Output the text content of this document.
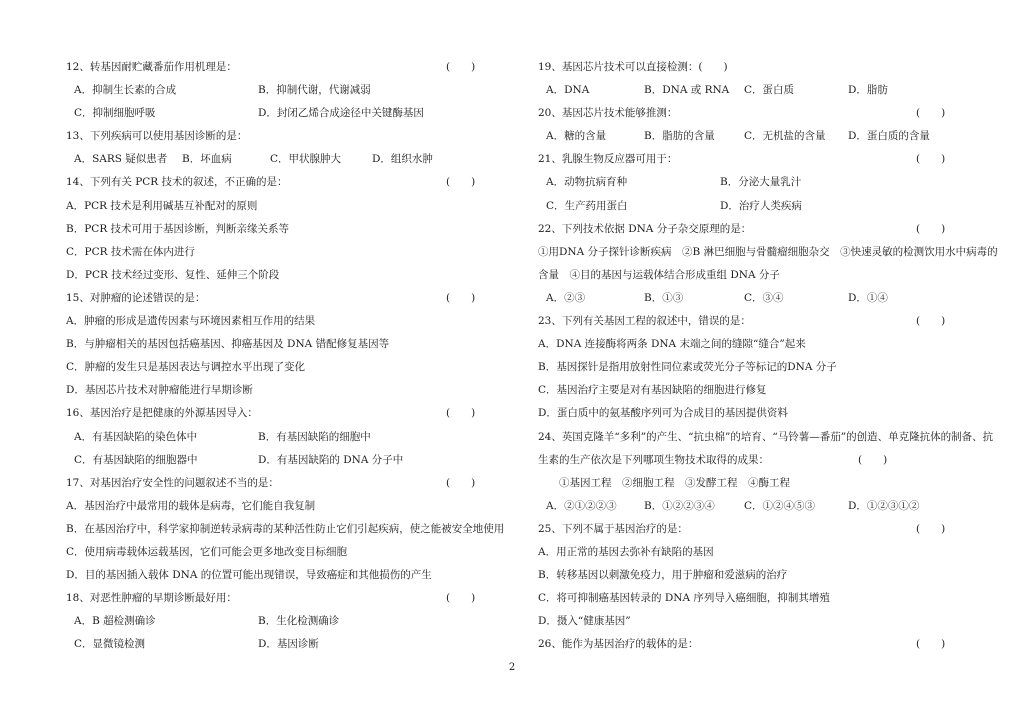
12、转基因耐贮藏番茄作用机理是：	(　　)
A．抑制生长素的合成	B．抑制代谢，代谢减弱
C．抑制细胞呼吸	D．封闭乙烯合成途径中关键酶基因
13、下列疾病可以使用基因诊断的是：
A．SARS 疑似患者 B．坏血病	C．甲状腺肿大	D．组织水肿
14、下列有关 PCR 技术的叙述，不正确的是：	(　　)
A．PCR 技术是利用碱基互补配对的原则
B．PCR 技术可用于基因诊断，判断亲缘关系等
C．PCR 技术需在体内进行
D．PCR 技术经过变形、复性、延伸三个阶段
15、对肿瘤的论述错误的是：	(　　)
A．肿瘤的形成是遗传因素与环境因素相互作用的结果
B．与肿瘤相关的基因包括癌基因、抑癌基因及 DNA 错配修复基因等
C．肿瘤的发生只是基因表达与调控水平出现了变化
D．基因芯片技术对肿瘤能进行早期诊断
16、基因治疗是把健康的外源基因导入：	(　　)
A．有基因缺陷的染色体中	B．有基因缺陷的细胞中
C．有基因缺陷的细胞器中	D．有基因缺陷的 DNA 分子中
17、对基因治疗安全性的问题叙述不当的是：	(　　)
A．基因治疗中最常用的载体是病毒，它们能自我复制
B．在基因治疗中，科学家抑制逆转录病毒的某种活性防止它们引起疾病，使之能被安全地使用
C．使用病毒载体运载基因，它们可能会更多地改变目标细胞
D．目的基因插入载体 DNA 的位置可能出现错误，导致癌症和其他损伤的产生
18、对恶性肿瘤的早期诊断最好用：	(　　)
A．B 超检测确诊	B．生化检测确诊
C．显微镜检测	D．基因诊断
19、基因芯片技术可以直接检测：(　　)
A．DNA	B．DNA 或 RNA C．蛋白质	D．脂肪
20、基因芯片技术能够推测：	(　　)
A．糖的含量	B．脂肪的含量	C．无机盐的含量 D．蛋白质的含量
21、乳腺生物反应器可用于：	(　　)
A．动物抗病育种	B．分泌大量乳汁
C．生产药用蛋白	D．治疗人类疾病
22、下列技术依据 DNA 分子杂交原理的是：	(　　)
①用DNA 分子探针诊断疾病　②B 淋巴细胞与骨髓瘤细胞杂交　③快速灵敏的检测饮用水中病毒的
含量　④目的基因与运载体结合形成重组 DNA 分子
A．②③	B．①③	C．③④	D．①④
23、下列有关基因工程的叙述中，错误的是：	(　　)
A．DNA 连接酶将两条 DNA 末端之间的缝隙“缝合”起来
B．基因探针是指用放射性同位素或荧光分子等标记的DNA 分子
C．基因治疗主要是对有基因缺陷的细胞进行修复
D．蛋白质中的氨基酸序列可为合成目的基因提供资料
24、英国克隆羊“多利”的产生、“抗虫棉”的培育、“马铃薯—番茄”的创造、单克隆抗体的制备、抗
生素的生产依次是下列哪项生物技术取得的成果：	(　　)
　　①基因工程　②细胞工程　③发酵工程　④酶工程
A．②①②②③	B．①②②③④	C．①②④⑤③	D．①②③①②
25、下列不属于基因治疗的是：	(　　)
A．用正常的基因去弥补有缺陷的基因
B．转移基因以刺激免疫力，用于肿瘤和爱滋病的治疗
C．将可抑制癌基因转录的 DNA 序列导入癌细胞，抑制其增殖
D．摄入“健康基因”
26、能作为基因治疗的载体的是：	(　　)
2
